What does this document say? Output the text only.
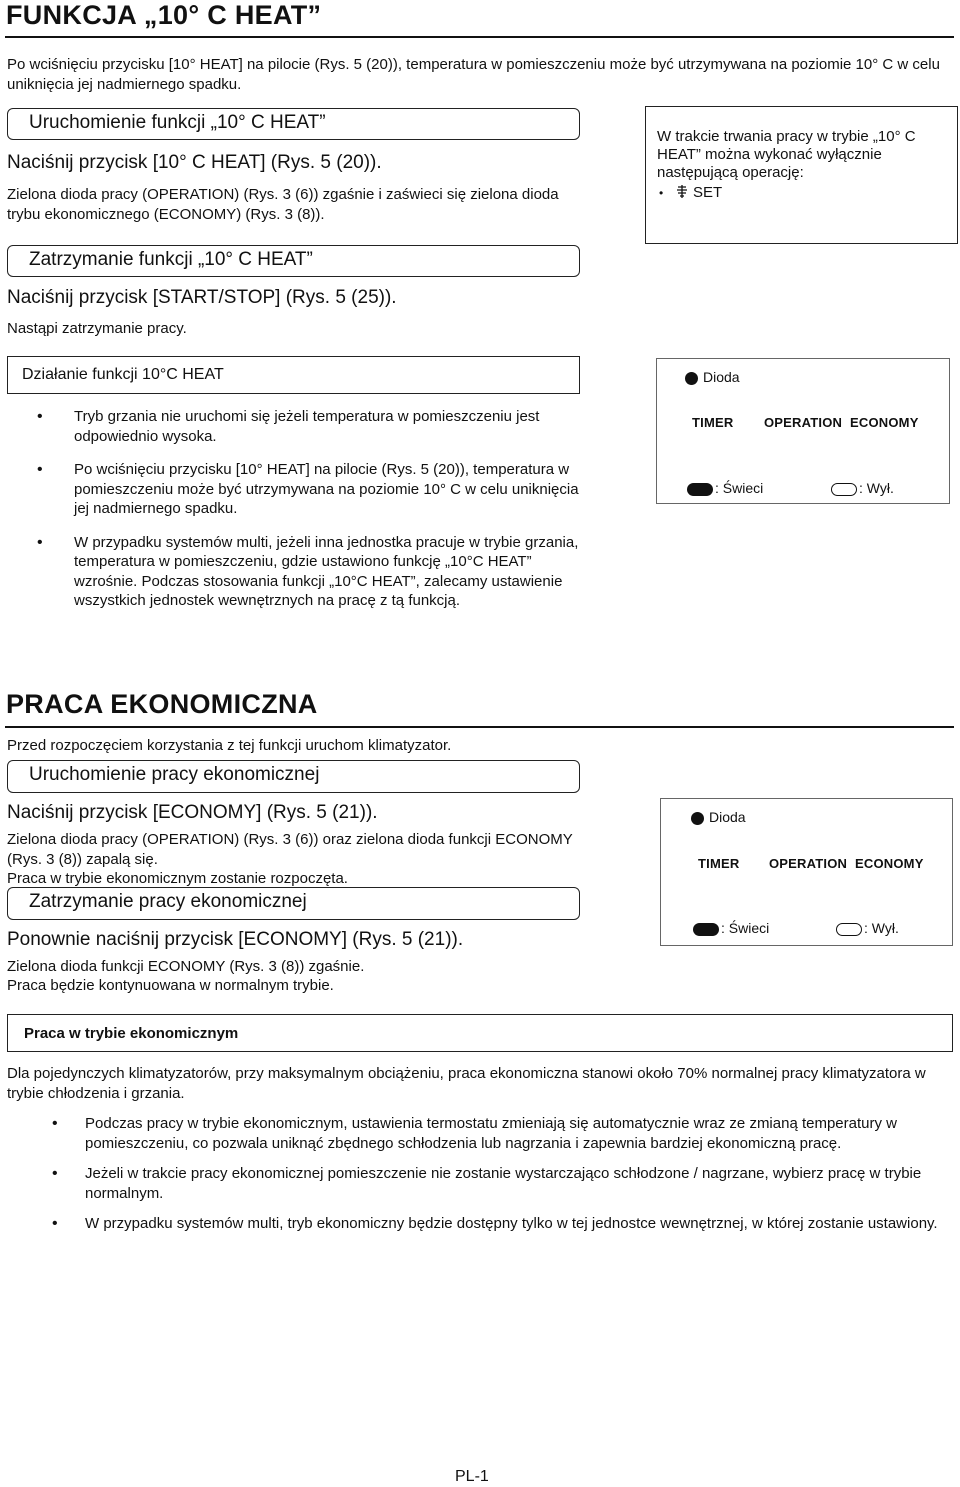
FUNKCJA „10° C HEAT”
Po wciśnięciu przycisku [10° HEAT] na pilocie (Rys. 5 (20)), temperatura w pomieszczeniu może być utrzymywana na poziomie 10° C w celu uniknięcia jej nadmiernego spadku.
Uruchomienie funkcji „10° C HEAT”
Naciśnij przycisk [10° C HEAT] (Rys. 5 (20)).
Zielona dioda pracy (OPERATION) (Rys. 3 (6)) zgaśnie i zaświeci się zielona dioda trybu ekonomicznego (ECONOMY) (Rys. 3 (8)).
W trakcie trwania pracy w trybie „10° C HEAT” można wykonać wyłącznie następującą operację:
• SET
Zatrzymanie funkcji „10° C HEAT”
Naciśnij przycisk [START/STOP] (Rys. 5 (25)).
Nastąpi zatrzymanie pracy.
Działanie funkcji 10°C HEAT
• Tryb grzania nie uruchomi się jeżeli temperatura w pomieszczeniu jest odpowiednio wysoka.
• Po wciśnięciu przycisku [10° HEAT] na pilocie (Rys. 5 (20)), temperatura w pomieszczeniu może być utrzymywana na poziomie 10° C w celu uniknięcia jej nadmiernego spadku.
• W przypadku systemów multi, jeżeli inna jednostka pracuje w trybie grzania, temperatura w pomieszczeniu, gdzie ustawiono funkcję „10°C HEAT” wzrośnie. Podczas stosowania funkcji „10°C HEAT”, zalecamy ustawienie wszystkich jednostek wewnętrznych na pracę z tą funkcją.
Dioda
TIMER OPERATION ECONOMY
: Świeci	: Wył.
PRACA EKONOMICZNA
Przed rozpoczęciem korzystania z tej funkcji uruchom klimatyzator.
Uruchomienie pracy ekonomicznej
Naciśnij przycisk [ECONOMY] (Rys. 5 (21)).
Zielona dioda pracy (OPERATION) (Rys. 3 (6)) oraz zielona dioda funkcji ECONOMY (Rys. 3 (8)) zapalą się.
Praca w trybie ekonomicznym zostanie rozpoczęta.
Zatrzymanie pracy ekonomicznej
Ponownie naciśnij przycisk [ECONOMY] (Rys. 5 (21)).
Zielona dioda funkcji ECONOMY (Rys. 3 (8)) zgaśnie.
Praca będzie kontynuowana w normalnym trybie.
Dioda
TIMER OPERATION ECONOMY
: Świeci	: Wył.
Praca w trybie ekonomicznym
Dla pojedynczych klimatyzatorów, przy maksymalnym obciążeniu, praca ekonomiczna stanowi około 70% normalnej pracy klimatyzatora w trybie chłodzenia i grzania.
• Podczas pracy w trybie ekonomicznym, ustawienia termostatu zmieniają się automatycznie wraz ze zmianą temperatury w pomieszczeniu, co pozwala uniknąć zbędnego schłodzenia lub nagrzania i zapewnia bardziej ekonomiczną pracę.
• Jeżeli w trakcie pracy ekonomicznej pomieszczenie nie zostanie wystarczająco schłodzone / nagrzane, wybierz pracę w trybie normalnym.
• W przypadku systemów multi, tryb ekonomiczny będzie dostępny tylko w tej jednostce wewnętrznej, w której zostanie ustawiony.
PL-1
